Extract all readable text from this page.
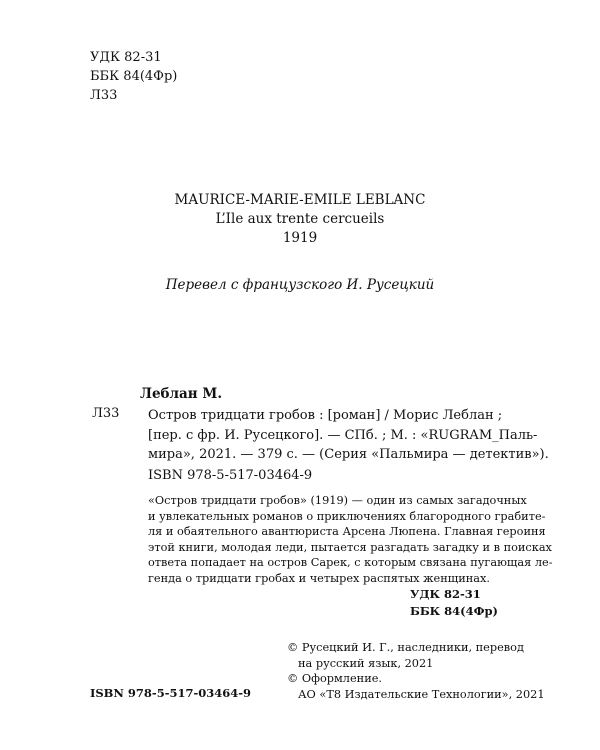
УДК 82-31
ББК 84(4Фр)
Л33
MAURICE-MARIE-EMILE LEBLANC
L’Ile aux trente cercueils
1919
Перевел с французского И. Русецкий
Леблан М.
Л33 Остров тридцати гробов : [роман] / Морис Леблан ;
[пер. с фр. И. Русецкого]. — СПб. ; М. : «RUGRAM_Паль-
мира», 2021. — 379 с. — (Серия «Пальмира — детектив»).
ISBN 978-5-517-03464-9
«Остров тридцати гробов» (1919) — один из самых загадочных
и увлекательных романов о приключениях благородного грабите-
ля и обаятельного авантюриста Арсена Люпена. Главная героиня
этой книги, молодая леди, пытается разгадать загадку и в поисках
ответа попадает на остров Сарек, с которым связана пугающая ле-
генда о тридцати гробах и четырех распятых женщинах.
УДК 82-31
ББК 84(4Фр)
© Русецкий И. Г., наследники, перевод
на русский язык, 2021
© Оформление.
АО «Т8 Издательские Технологии», 2021
ISBN 978-5-517-03464-9
